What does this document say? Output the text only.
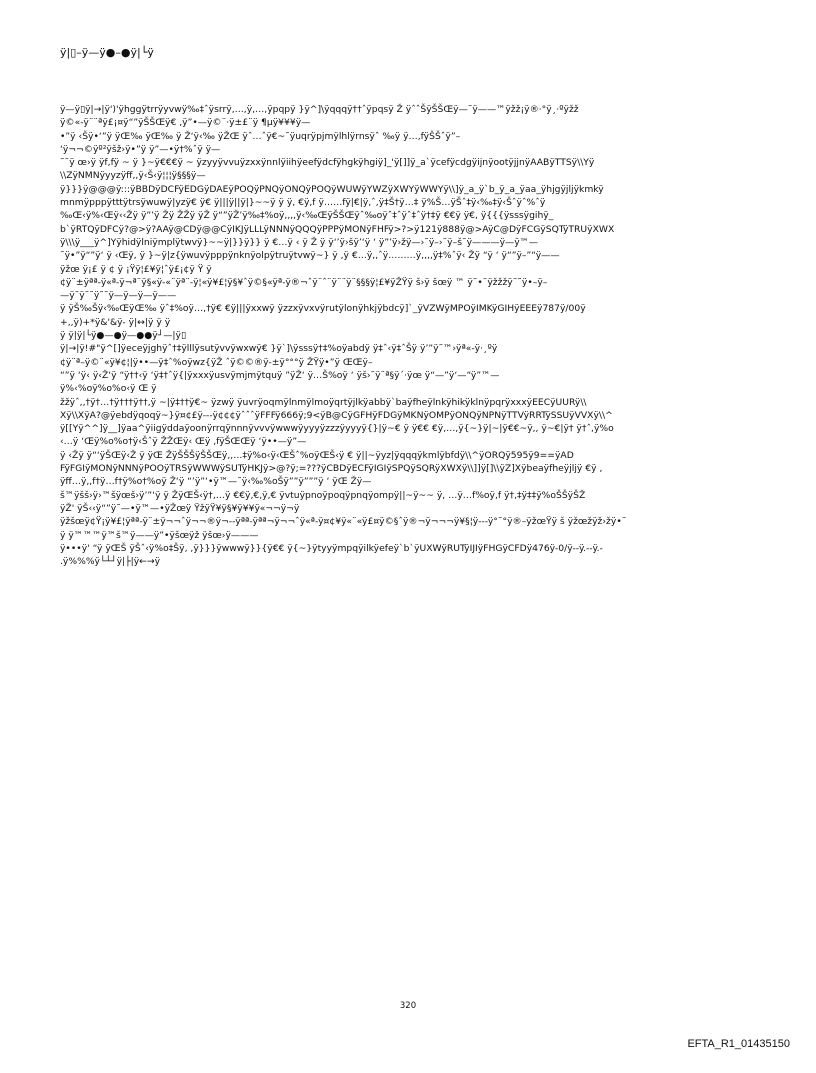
ÿ|▯–ÿ—ÿ●–●ÿ|└ÿ
ÿ—ÿ▯ÿ|→|ÿ')'ÿhggÿtrrÿyvwÿ‰‡ˆÿsrrÿ,…,ÿ,…,ÿpqpÿ }ÿ^]\ÿqqqÿ††ˆÿpqsÿ Ž ÿˆˆŠÿŠŠŒÿ—˜ÿ——™ÿžž¡ÿ®·°ÿ¸·ºÿžž
ÿ©«-ÿ¨¨ªÿ£¡¤ÿ“”ÿŠŠŒÿ€ ,ÿ”•—ÿ©¨·ÿ±£¨ÿ ¶µÿ¥¥¥ÿ—
•”ÿ ‹Šÿ•‘”ÿ ÿŒ‰ ÿŒ‰ ÿ Ž‘ÿ‹‰ ÿŽŒ ÿˆ…ˆÿ€~˜ÿuqrÿpjmÿlhlÿrnsÿˆ ‰ÿ ÿ…,fÿŠŠˆÿ”–
‘ÿ¬¬©ÿº²ÿšž›ÿ•”ÿ ÿ”—•ÿ†%ˆÿ ÿ—
˜˜ÿ œ›ÿ ÿf,fÿ ~ ÿ }~ÿ€€€ÿ ~ ÿzyyÿvvuÿzxxÿnnlÿiihÿeefÿdcfÿhgkÿhgiÿ]_'ÿ[]]ÿ_a`ÿcefÿcdgÿijnÿootÿjjnÿAABÿTTSÿ\\Yÿ
\\ZÿNMNÿyyzÿff,,ÿ‹Š‹ÿ¦¦¦ÿ§§§ÿ—
ÿ}}}ÿ@@@ÿ:::ÿBBDÿDCFÿEDGÿDAEÿPOQÿPNQÿONQÿPOQÿWUWÿYWZÿXWYÿWWYÿ\\]ÿ_a_ÿ`b_ÿ_a_ÿaa_ÿhjgÿjljÿkmkÿ
mnmÿpppÿtttÿtrsÿwuwÿ|yzÿ€ ÿ€ ÿ|||ÿ||ÿ|}~~ÿ ÿ ÿ, €ÿ,f ÿ……fÿ|€|ÿ,ˆ,ÿ‡Š†ÿ…‡ ÿ%Š…ÿŠˆ‡ÿ‹‰‡ÿ‹Šˆÿˆ%ˆÿ
‰Œ‹ÿ%‹Œÿ‹‹Žÿ ÿ”’ÿ Žÿ ŽŽÿ ÿŽ ÿ“”ÿŽ’ÿ‰‡%oÿ,,,,ÿ‹‰ŒÿŠŠŒÿˆ‰oÿˆ‡ˆÿˆ‡ˆÿ†‡ÿ €€ÿ ÿ€, ÿ{{{ÿsssÿgihÿ_
b`ÿRTQÿDFCÿ?@>ÿ?AAÿ@CDÿ@@CÿIKJÿLLLÿNNNÿQQQÿPPPÿMONÿFHFÿ>?>ÿ121ÿ888ÿ@>AÿC@DÿFCGÿSQTÿTRUÿXWX
ÿ\\\ÿ___ÿ^]Yÿhidÿlniÿmplÿtwvÿ}~~ÿ|}}ÿ}} ÿ €…ÿ ‹ ÿ Ž ÿ ÿ‘’ÿ›šÿ’‘ÿ ‘ ÿ”’ÿ›žÿ—›˜ÿ–›˜ÿ–š˜ÿ———ÿ—ÿ™—
˜ÿ•”ÿ“”ÿ‘ ÿ ‹Œÿ, ÿ }~ÿ|z{ÿwuvÿpppÿnknÿolpÿtruÿtvwÿ~} ÿ ,ÿ €…ÿ,,ˆÿ………ÿ,,,,ÿ‡%ˆÿ‹ Žÿ “ÿ ‘ ÿ“”ÿ–”“ÿ——
ÿžœ ÿ¡£ ÿ ¢ ÿ ¡Ÿÿ¦£¥ÿ¦ˆÿ£¡¢ÿ Ÿ ÿ
¢ÿ¨±ÿªª-ÿ«ª-ÿ¬ª¨ÿ§«ÿ-«¨ÿª¨-ÿ¦«ÿ¥£¦ÿ§¥ˆÿ©§«ÿª-ÿ®¬ˆÿ¨ˆ¨ÿ¨¨ÿ¨§§§ÿ¦£¥ÿŽŸÿ š›ÿ šœÿ ™ ÿ˜•˜ÿžžžÿ˜˜ÿ•–ÿ–
—ÿ˜ÿ˜˜ÿ˜˜ÿ—ÿ—ÿ—ÿ——
ÿ ÿŠ‰Šÿ‹‰ŒÿŒ‰ ÿˆ‡%oÿ…,†ÿ€ €ÿ|||ÿxxwÿ ÿzzxÿvxvÿrutÿlonÿhkjÿbdcÿ]`_ÿVZWÿMPOÿIMKÿGIHÿEEEÿ787ÿ/00ÿ
+,,ÿ)+*ÿ&'&ÿ- ÿ|↔|ÿ ÿ ÿ
ÿ ÿ|ÿ|└ÿ●—●ÿ—●●ÿ┘—|ÿ▯
ÿ|→|ÿ!#"ÿ^[]ÿeceÿjghÿˆ†‡ÿlllÿsutÿvvÿwxwÿ€ }ÿ`]\ÿsssÿ†‡%oÿabdÿ ÿ‡ˆ‹ÿ‡ˆŠÿ ÿ’”ÿ˜™›ÿª«-ÿ·¸ºÿ
¢ÿ¨ª–ÿ©¨«ÿ¥¢¦|ÿ••—ÿ‡ˆ%oÿwz{ÿŽ ˆÿ©©®ÿ-±ÿ°°°ÿ ŽŸÿ•”ÿ ŒŒÿ–
“”ÿ ‘ÿ‹ ÿ‹Ž‘ÿ “ÿ††‹ÿ ‘ÿ‡†ˆÿ{|ÿxxxÿusvÿmjmÿtquÿ ”ÿŽ‘ ÿ…Š%oÿ ‘ ÿš›˜ÿ¨ª§ÿ´·ÿœ ÿ“—”ÿ‘—“ÿ”™—
ÿ%‹%oÿ%o%o‹ÿ Œ ÿ
žžÿˆ,,†ÿ†…†ÿ†††ÿ††,ÿ ~|ÿ‡††ÿ€~ ÿzwÿ ÿuvrÿoqmÿlnmÿlmoÿqrtÿjlkÿabbÿ`baÿfheÿlnkÿhikÿklnÿpqrÿxxxÿEECÿUURÿ\\
Xÿ\\XÿA?@ÿebdÿqoqÿ~}ÿ¤¢£ÿ---ÿ¢¢¢ÿˆˆˆÿFFFÿ666ÿ;9<ÿB@CÿGFHÿFDGÿMKNÿOMPÿONQÿNPNÿTTVÿRRTÿSSUÿVVXÿ\\^
ÿ[[Yÿ^^]ÿ__]ÿaa^ÿiigÿddaÿoonÿrrqÿnnnÿvvvÿwwwÿyyyÿzzzÿyyyÿ{}|ÿ~€ ÿ ÿ€€ €ÿ,…,ÿ{~}ÿ|~|ÿ€€~ÿ,, ÿ~€|ÿ† ÿ†ˆ,ÿ%o
‹…ÿ ‘Œÿ%o%o†ÿ‹Šˆÿ ŽŽŒÿ‹ Œÿ ,fÿŠŒŒÿ ‘ÿ••—ÿ”—
ÿ ‹Žÿ ÿ“‘ÿŠŒÿ‹Ž ÿ ÿŒ ŽÿŠŠŠÿŠŠŒÿ,,…‡ÿ%o‹ÿ‹ŒŠˆ%oÿŒŠ‹ÿ € ÿ||~ÿyz|ÿqqqÿkmlÿbfdÿ\\^ÿORQÿ595ÿ9==ÿAD
FÿFGIÿMONÿNNNÿPOOÿTRSÿWWWÿSUTÿHKJÿ>@?ÿ;=???ÿCBDÿECFÿIGIÿSPQÿSQRÿXWXÿ\\]]ÿ[]\\ÿZ]Xÿbeaÿfheÿjljÿ €ÿ ,
ÿff…ÿ,,f†ÿ…f†ÿ%o†%oÿ Ž‘ÿ “’ÿ”‘•ÿ™—˜ÿ‹‰%oŠÿ””ÿ”””ÿ ‘ ÿŒ Žÿ—
š™ÿšš›ÿ›™šÿœš›ÿ’”‘ÿ ÿ ŽÿŒŠ‹ÿ†,…ÿ €€ÿ,€,ÿ,€ ÿvtuÿpnoÿpoqÿpnqÿompÿ||~ÿ~~ ÿ, …ÿ…f%oÿ,f ÿ†,‡ÿ‡‡ÿ%oŠŠÿŠŽ
ÿŽ' ÿŠ‹‹ÿ“”ÿ˜—•ÿ™—•ÿŽœÿ ŸžÿŸ¥ÿ§¥ÿ¥¥ÿ«¬¬ÿ¬ÿ
ÿžšœÿ¢Ÿ¡ÿ¥£¦ÿªª-ÿ¨±ÿ¬¬ˆÿ¬¬®ÿ¬--ÿªª-ÿªª¬ÿ¬¬ˆÿ«ª-ÿ¤¢¥ÿ«¨«ÿ£¤ÿ©§ˆÿ®¬ÿ¬¬¬ÿ¥§¦ÿ---ÿ°˜°ÿ®–ÿžœŸÿ š ÿžœžÿž›žÿ•˜
ÿ ÿ™™™ÿ™š™ÿ——ÿ”•ÿšœÿž ÿšœ›ÿ———
ÿ•••ÿ' “ÿ ÿŒŠ ÿŠˆ‹ÿ%o‡Šÿ, ,ÿ}}}ÿwwwÿ}}{ÿ€€ ÿ{~}ÿtyyÿmpqÿilkÿefeÿ`b`ÿUXWÿRUTÿIJIÿFHGÿCFDÿ476ÿ-0/ÿ--ÿ.--ÿ.-
.ÿ%%%ÿ└┴┘ÿ|├|ÿ←→ÿ
320
EFTA_R1_01435150
